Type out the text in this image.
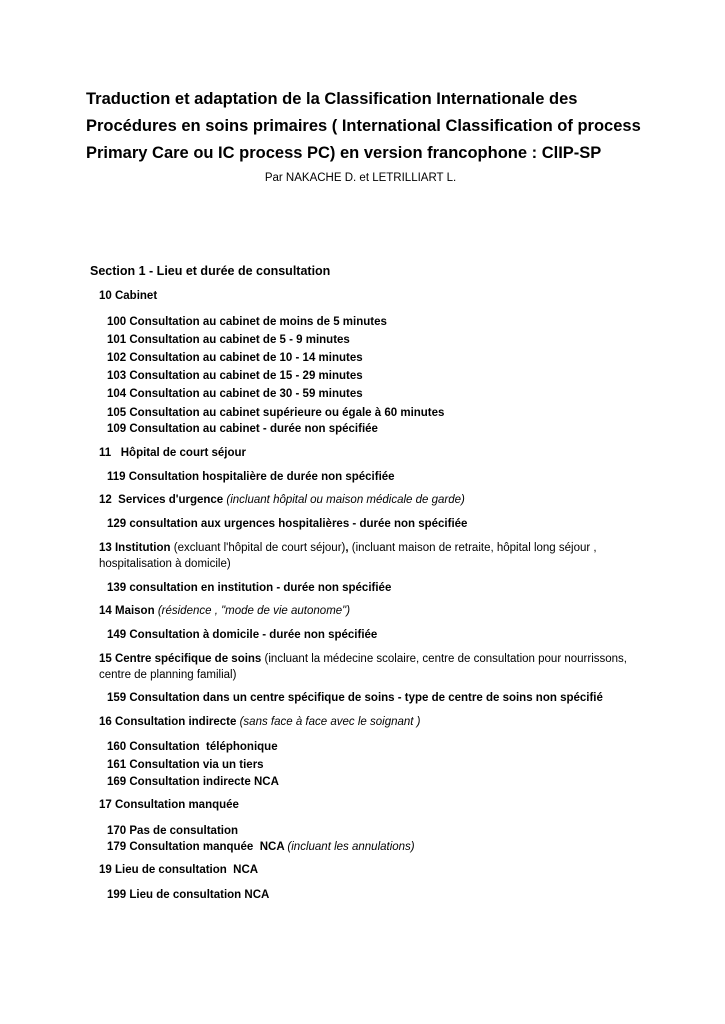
Traduction et adaptation de la Classification Internationale des Procédures en soins primaires ( International Classification of process Primary Care ou IC process PC) en version francophone : ClIP-SP
Par NAKACHE D. et LETRILLIART L.
Section 1 - Lieu et durée de consultation
10 Cabinet
100 Consultation au cabinet de moins de 5 minutes
101 Consultation au cabinet de 5 - 9 minutes
102 Consultation au cabinet de 10 - 14 minutes
103 Consultation au cabinet de 15 - 29 minutes
104 Consultation au cabinet de 30 - 59 minutes
105 Consultation au cabinet supérieure ou égale à 60 minutes
109 Consultation au cabinet - durée non spécifiée
11   Hôpital de court séjour
119 Consultation hospitalière de durée non spécifiée
12  Services d'urgence (incluant hôpital ou maison médicale de garde)
129 consultation aux urgences hospitalières - durée non spécifiée
13 Institution (excluant l'hôpital de court séjour), (incluant maison de retraite, hôpital long séjour , hospitalisation à domicile)
139 consultation en institution - durée non spécifiée
14 Maison (résidence , "mode de vie autonome")
149 Consultation à domicile - durée non spécifiée
15 Centre spécifique de soins (incluant la médecine scolaire, centre de consultation pour nourrissons, centre de planning familial)
159 Consultation dans un centre spécifique de soins - type de centre de soins non spécifié
16 Consultation indirecte (sans face à face avec le soignant )
160 Consultation  téléphonique
161 Consultation via un tiers
169 Consultation indirecte NCA
17 Consultation manquée
170 Pas de consultation
179 Consultation manquée  NCA (incluant les annulations)
19 Lieu de consultation  NCA
199 Lieu de consultation NCA
